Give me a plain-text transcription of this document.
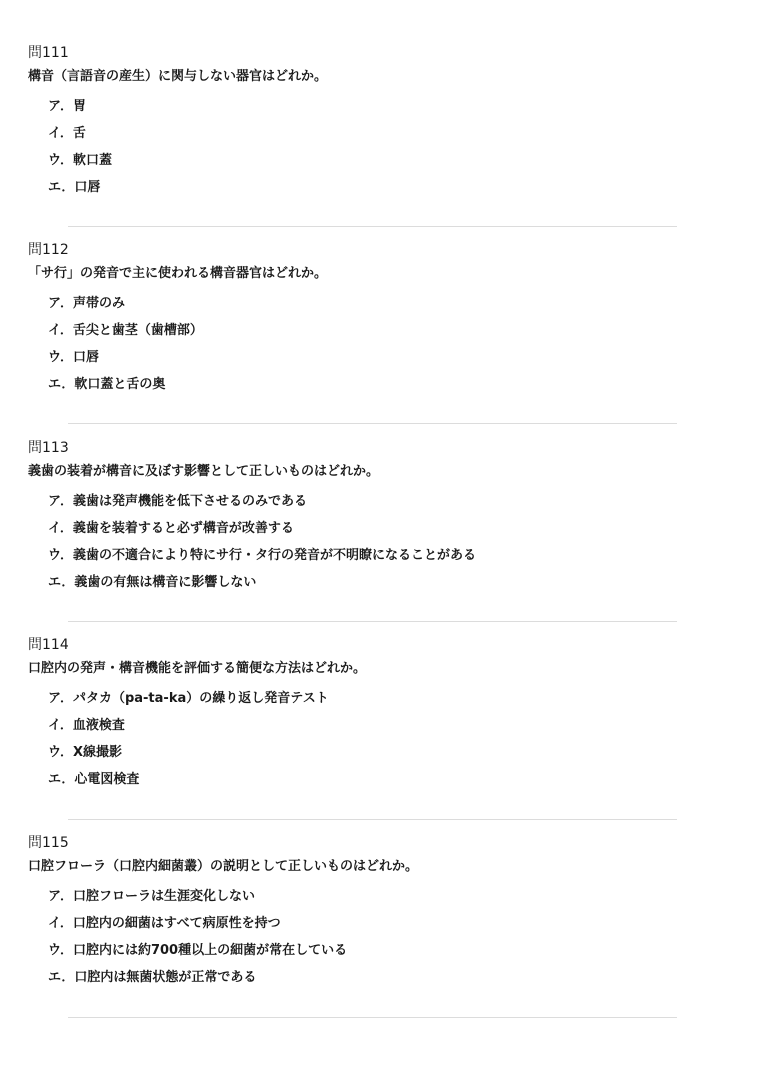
問111

構音（言語音の産生）に関与しない器官はどれか。

ア．胃
イ．舌
ウ．軟口蓋
エ．口唇
問112

「サ行」の発音で主に使われる構音器官はどれか。

ア．声帯のみ
イ．舌尖と歯茎（歯槽部）
ウ．口唇
エ．軟口蓋と舌の奥
問113

義歯の装着が構音に及ぼす影響として正しいものはどれか。

ア．義歯は発声機能を低下させるのみである
イ．義歯を装着すると必ず構音が改善する
ウ．義歯の不適合により特にサ行・タ行の発音が不明瞭になることがある
エ．義歯の有無は構音に影響しない
問114

口腔内の発声・構音機能を評価する簡便な方法はどれか。

ア．パタカ（pa-ta-ka）の繰り返し発音テスト
イ．血液検査
ウ．X線撮影
エ．心電図検査
問115

口腔フローラ（口腔内細菌叢）の説明として正しいものはどれか。

ア．口腔フローラは生涯変化しない
イ．口腔内の細菌はすべて病原性を持つ
ウ．口腔内には約700種以上の細菌が常在している
エ．口腔内は無菌状態が正常である
